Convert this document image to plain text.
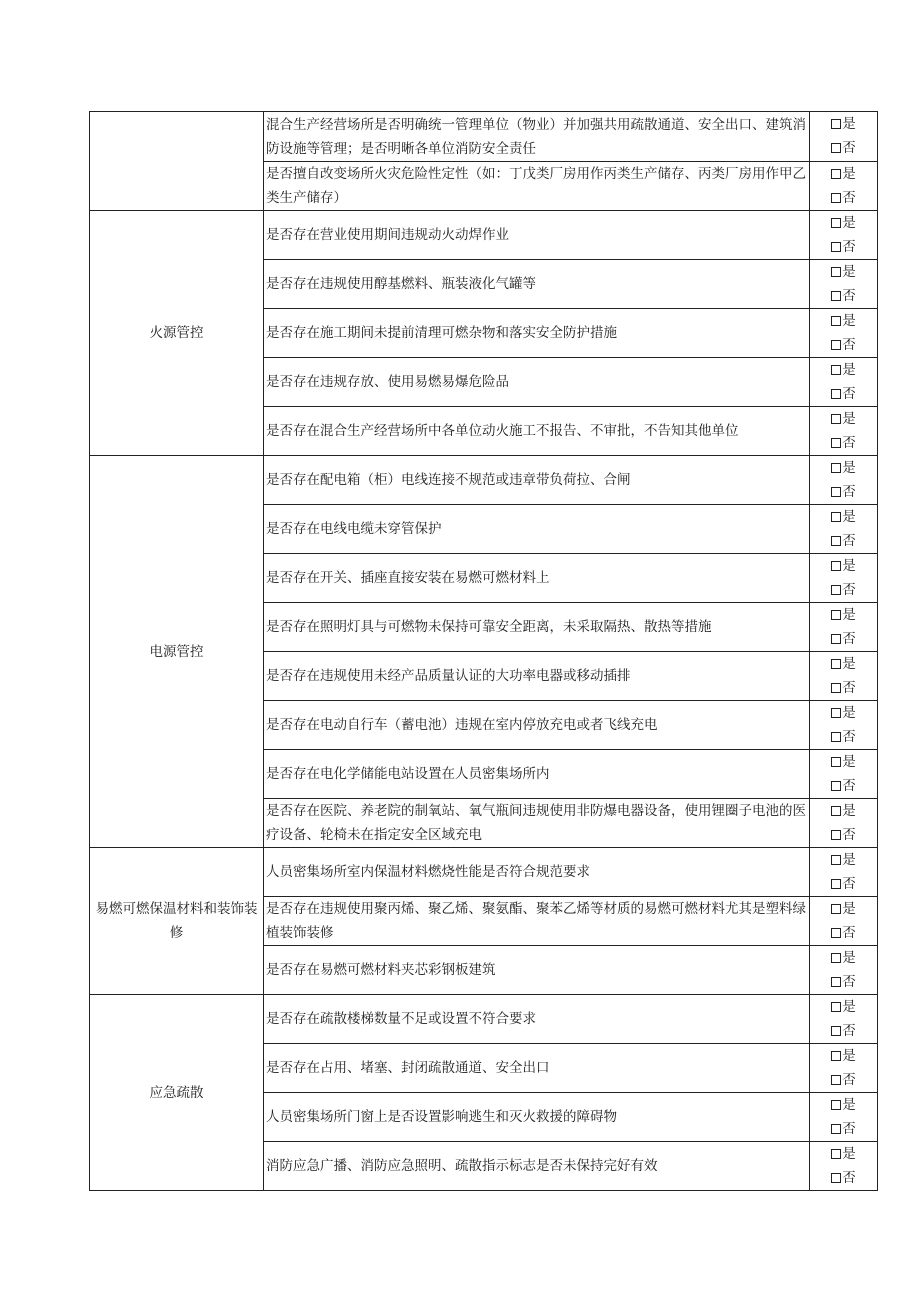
	混合生产经营场所是否明确统一管理单位（物业）并加强共用疏散通道、安全出口、建筑消防设施等管理；是否明晰各单位消防安全责任	是
否

	是否擅自改变场所火灾危险性定性（如：丁戊类厂房用作丙类生产储存、丙类厂房用作甲乙类生产储存）	是
否

火源管控	是否存在营业使用期间违规动火动焊作业	是
否

	是否存在违规使用醇基燃料、瓶装液化气罐等	是
否

	是否存在施工期间未提前清理可燃杂物和落实安全防护措施	是
否

	是否存在违规存放、使用易燃易爆危险品	是
否

	是否存在混合生产经营场所中各单位动火施工不报告、不审批，不告知其他单位	是
否

电源管控	是否存在配电箱（柜）电线连接不规范或违章带负荷拉、合闸	是
否

	是否存在电线电缆未穿管保护	是
否

	是否存在开关、插座直接安装在易燃可燃材料上	是
否

	是否存在照明灯具与可燃物未保持可靠安全距离，未采取隔热、散热等措施	是
否

	是否存在违规使用未经产品质量认证的大功率电器或移动插排	是
否

	是否存在电动自行车（蓄电池）违规在室内停放充电或者飞线充电	是
否

	是否存在电化学储能电站设置在人员密集场所内	是
否

	是否存在医院、养老院的制氧站、氧气瓶间违规使用非防爆电器设备，使用锂圈子电池的医疗设备、轮椅未在指定安全区域充电	是
否

易燃可燃保温材料和装饰装修	人员密集场所室内保温材料燃烧性能是否符合规范要求	是
否

	是否存在违规使用聚丙烯、聚乙烯、聚氨酯、聚苯乙烯等材质的易燃可燃材料尤其是塑料绿植装饰装修	是
否

	是否存在易燃可燃材料夹芯彩钢板建筑	是
否

应急疏散	是否存在疏散楼梯数量不足或设置不符合要求	是
否

	是否存在占用、堵塞、封闭疏散通道、安全出口	是
否

	人员密集场所门窗上是否设置影响逃生和灭火救援的障碍物	是
否

	消防应急广播、消防应急照明、疏散指示标志是否未保持完好有效	是
否
